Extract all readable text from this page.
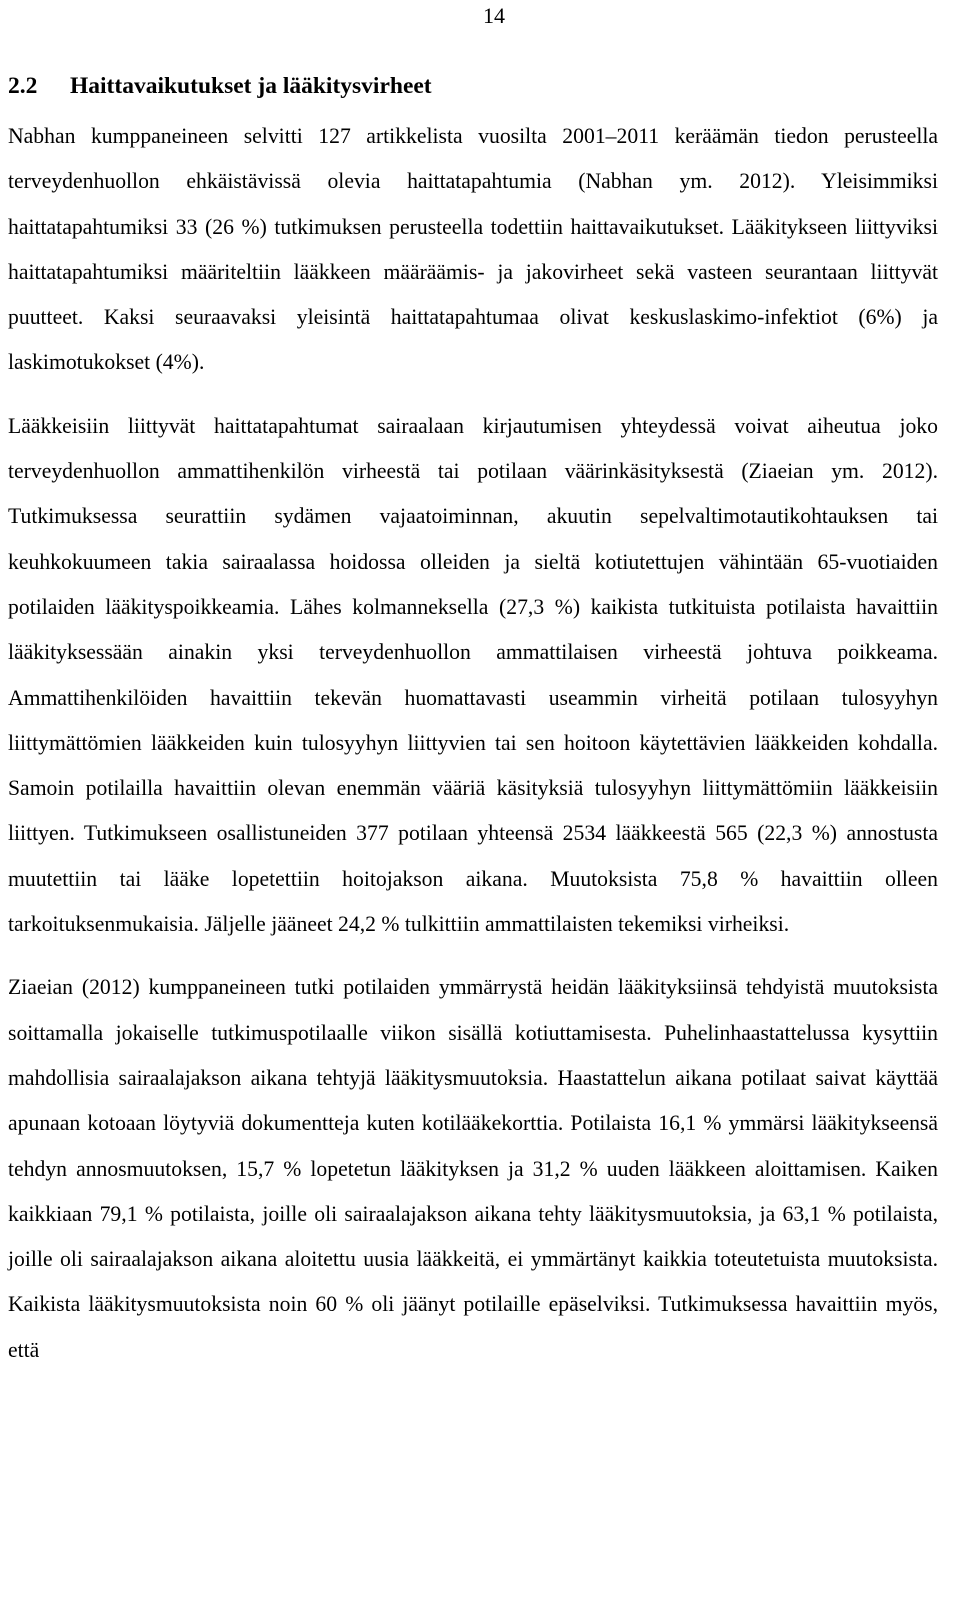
14
2.2 Haittavaikutukset ja lääkitysvirheet

Nabhan kumppaneineen selvitti 127 artikkelista vuosilta 2001–2011 keräämän tiedon perusteella terveydenhuollon ehkäistävissä olevia haittatapahtumia (Nabhan ym. 2012). Yleisimmiksi haittatapahtumiksi 33 (26 %) tutkimuksen perusteella todettiin haittavaikutukset. Lääkitykseen liittyviksi haittatapahtumiksi määriteltiin lääkkeen määräämis- ja jakovirheet sekä vasteen seurantaan liittyvät puutteet. Kaksi seuraavaksi yleisintä haittatapahtumaa olivat keskuslaskimo-infektiot (6%) ja laskimotukokset (4%).

Lääkkeisiin liittyvät haittatapahtumat sairaalaan kirjautumisen yhteydessä voivat aiheutua joko terveydenhuollon ammattihenkilön virheestä tai potilaan väärinkäsityksestä (Ziaeian ym. 2012). Tutkimuksessa seurattiin sydämen vajaatoiminnan, akuutin sepelvaltimotautikohtauksen tai keuhkokuumeen takia sairaalassa hoidossa olleiden ja sieltä kotiutettujen vähintään 65-vuotiaiden potilaiden lääkityspoikkeamia. Lähes kolmanneksella (27,3 %) kaikista tutkituista potilaista havaittiin lääkityksessään ainakin yksi terveydenhuollon ammattilaisen virheestä johtuva poikkeama. Ammattihenkilöiden havaittiin tekevän huomattavasti useammin virheitä potilaan tulosyyhyn liittymättömien lääkkeiden kuin tulosyyhyn liittyvien tai sen hoitoon käytettävien lääkkeiden kohdalla. Samoin potilailla havaittiin olevan enemmän vääriä käsityksiä tulosyyhyn liittymättömiin lääkkeisiin liittyen. Tutkimukseen osallistuneiden 377 potilaan yhteensä 2534 lääkkeestä 565 (22,3 %) annostusta muutettiin tai lääke lopetettiin hoitojakson aikana. Muutoksista 75,8 % havaittiin olleen tarkoituksenmukaisia. Jäljelle jääneet 24,2 % tulkittiin ammattilaisten tekemiksi virheiksi.

Ziaeian (2012) kumppaneineen tutki potilaiden ymmärrystä heidän lääkityksiinsä tehdyistä muutoksista soittamalla jokaiselle tutkimuspotilaalle viikon sisällä kotiuttamisesta. Puhelinhaastattelussa kysyttiin mahdollisia sairaalajakson aikana tehtyjä lääkitysmuutoksia. Haastattelun aikana potilaat saivat käyttää apunaan kotoaan löytyviä dokumentteja kuten kotilääkekorttia. Potilaista 16,1 % ymmärsi lääkitykseensä tehdyn annosmuutoksen, 15,7 % lopetetun lääkityksen ja 31,2 % uuden lääkkeen aloittamisen. Kaiken kaikkiaan 79,1 % potilaista, joille oli sairaalajakson aikana tehty lääkitysmuutoksia, ja 63,1 % potilaista, joille oli sairaalajakson aikana aloitettu uusia lääkkeitä, ei ymmärtänyt kaikkia toteutetuista muutoksista. Kaikista lääkitysmuutoksista noin 60 % oli jäänyt potilaille epäselviksi. Tutkimuksessa havaittiin myös, että
